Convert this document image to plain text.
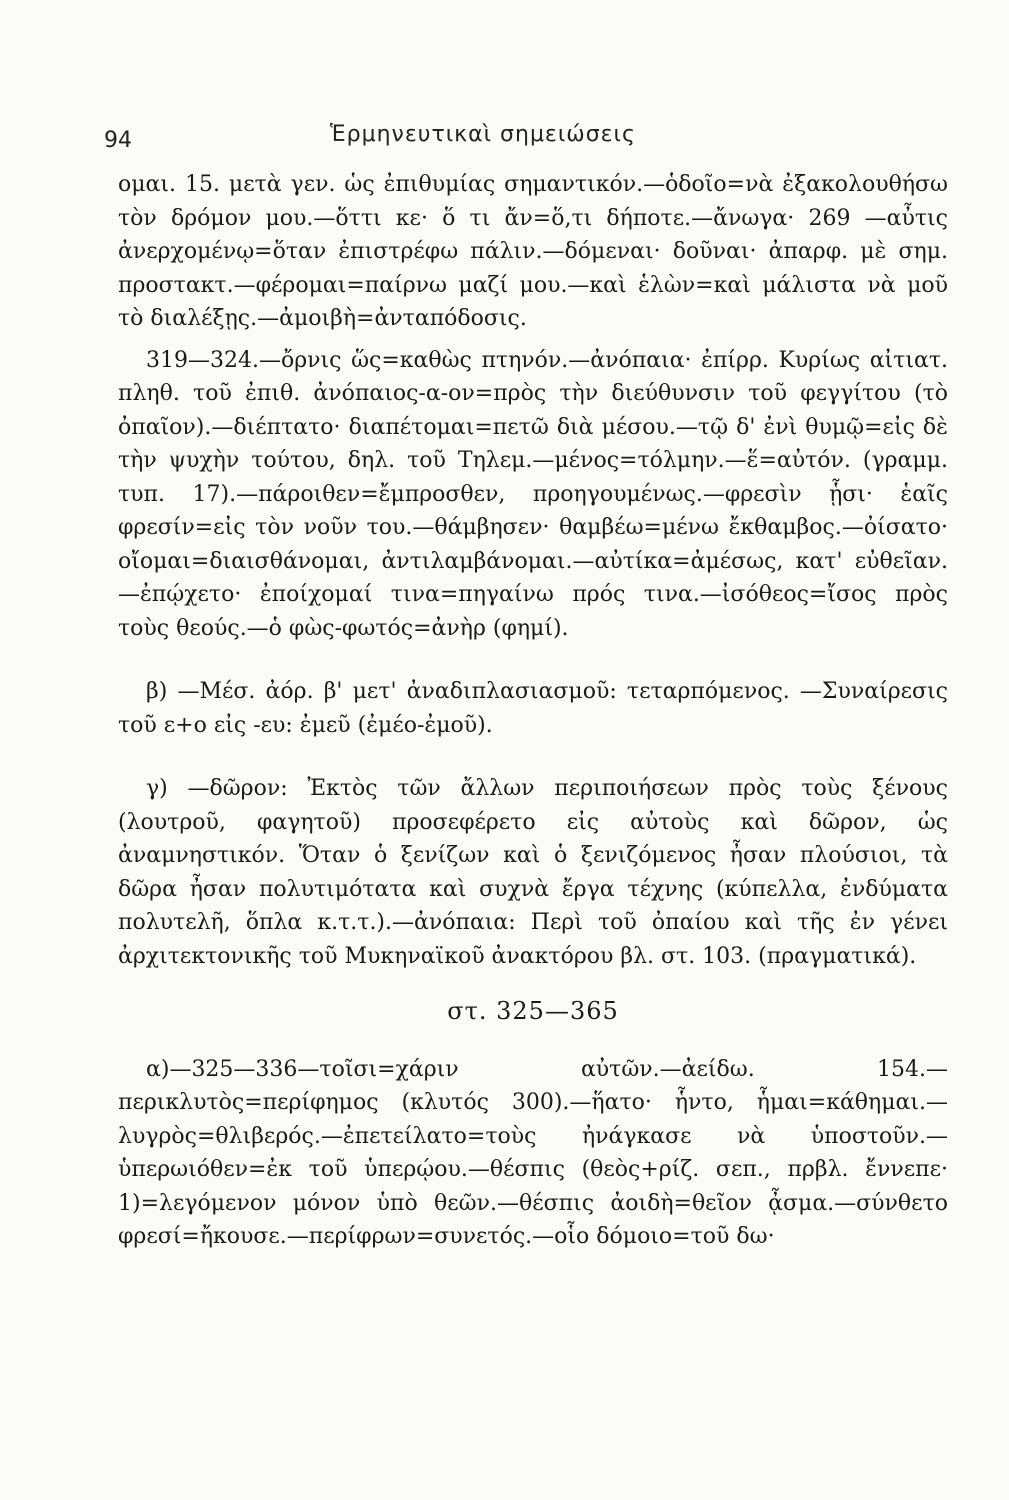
94	Ἑρμηνευτικαὶ σημειώσεις

ομαι. 15. μετὰ γεν. ὡς ἐπιθυμίας σημαντικόν.—ὁδοῖο=νὰ ἐξακολουθήσω τὸν δρόμον μου.—ὅττι κε· ὅ τι ἄν=ὅ,τι δήποτε.—ἄνωγα· 269 —αὖτις ἀνερχομένῳ=ὅταν ἐπιστρέφω πάλιν.—δόμεναι· δοῦναι· ἀπαρφ. μὲ σημ. προστακτ.—φέρομαι=παίρνω μαζί μου.—καὶ ἑλὼν=καὶ μάλιστα νὰ μοῦ τὸ διαλέξῃς.—ἀμοιβὴ=ἀνταπόδοσις.

319—324.—ὄρνις ὥς=καθὼς πτηνόν.—ἀνόπαια· ἐπίρρ. Κυρίως αἰτιατ. πληθ. τοῦ ἐπιθ. ἀνόπαιος-α-ον=πρὸς τὴν διεύθυνσιν τοῦ φεγγίτου (τὸ ὀπαῖον).—διέπτατο· διαπέτομαι=πετῶ διὰ μέσου.—τῷ δ' ἐνὶ θυμῷ=εἰς δὲ τὴν ψυχὴν τούτου, δηλ. τοῦ Τηλεμ.—μένος=τόλμην.—ἕ=αὐτόν. (γραμμ. τυπ. 17).—πάροιθεν=ἔμπροσθεν, προηγουμένως.—φρεσὶν ᾗσι· ἑαῖς φρεσίν=εἰς τὸν νοῦν του.—θάμβησεν· θαμβέω=μένω ἔκθαμβος.—ὀίσατο· οἴομαι=διαισθάνομαι, ἀντιλαμβάνομαι.—αὐτίκα=ἀμέσως, κατ' εὐθεῖαν.—ἐπῴχετο· ἐποίχομαί τινα=πηγαίνω πρός τινα.—ἰσόθεος=ἴσος πρὸς τοὺς θεούς.—ὁ φὼς-φωτός=ἀνὴρ (φημί).

β) —Μέσ. ἀόρ. β' μετ' ἀναδιπλασιασμοῦ: τεταρπόμενος. —Συναίρεσις τοῦ ε+ο εἰς -ευ: ἐμεῦ (ἐμέο-ἐμοῦ).

γ) —δῶρον: Ἐκτὸς τῶν ἄλλων περιποιήσεων πρὸς τοὺς ξένους (λουτροῦ, φαγητοῦ) προσεφέρετο εἰς αὐτοὺς καὶ δῶρον, ὡς ἀναμνηστικόν. Ὅταν ὁ ξενίζων καὶ ὁ ξενιζόμενος ἦσαν πλούσιοι, τὰ δῶρα ἦσαν πολυτιμότατα καὶ συχνὰ ἔργα τέχνης (κύπελλα, ἐνδύματα πολυτελῆ, ὅπλα κ.τ.τ.).—ἀνόπαια: Περὶ τοῦ ὀπαίου καὶ τῆς ἐν γένει ἀρχιτεκτονικῆς τοῦ Μυκηναϊκοῦ ἀνακτόρου βλ. στ. 103. (πραγματικά).

στ. 325—365

α)—325—336—τοῖσι=χάριν αὐτῶν.—ἀείδω. 154.—περικλυτὸς=περίφημος (κλυτός 300).—ἥατο· ἧντο, ἧμαι=κάθημαι.—λυγρὸς=θλιβερός.—ἐπετείλατο=τοὺς ἠνάγκασε νὰ ὑποστοῦν.—ὑπερωιόθεν=ἐκ τοῦ ὑπερῴου.—θέσπις (θεὸς+ρίζ. σεπ., πρβλ. ἔννεπε· 1)=λεγόμενον μόνον ὑπὸ θεῶν.—θέσπις ἀοιδὴ=θεῖον ᾆσμα.—σύνθετο φρεσί=ἤκουσε.—περίφρων=συνετός.—οἷο δόμοιο=τοῦ δω·
